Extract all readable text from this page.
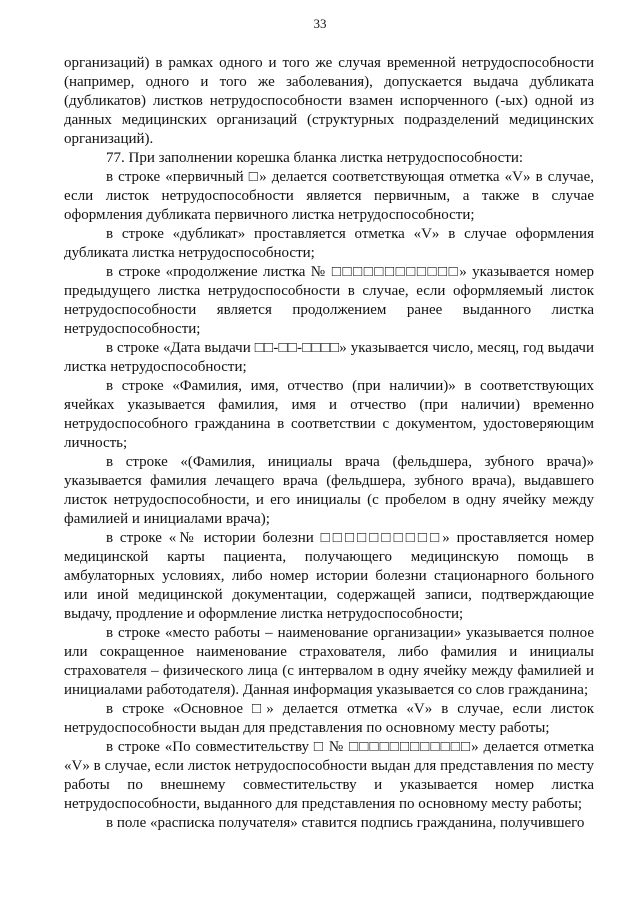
33

организаций) в рамках одного и того же случая временной нетрудоспособности (например, одного и того же заболевания), допускается выдача дубликата (дубликатов) листков нетрудоспособности взамен испорченного (-ых) одной из данных медицинских организаций (структурных подразделений медицинских организаций).

77. При заполнении корешка бланка листка нетрудоспособности:

в строке «первичный □» делается соответствующая отметка «V» в случае, если листок нетрудоспособности является первичным, а также в случае оформления дубликата первичного листка нетрудоспособности;

в строке «дубликат» проставляется отметка «V» в случае оформления дубликата листка нетрудоспособности;

в строке «продолжение листка № □□□□□□□□□□□□» указывается номер предыдущего листка нетрудоспособности в случае, если оформляемый листок нетрудоспособности является продолжением ранее выданного листка нетрудоспособности;

в строке «Дата выдачи □□-□□-□□□□» указывается число, месяц, год выдачи листка нетрудоспособности;

в строке «Фамилия, имя, отчество (при наличии)» в соответствующих ячейках указывается фамилия, имя и отчество (при наличии) временно нетрудоспособного гражданина в соответствии с документом, удостоверяющим личность;

в строке «(Фамилия, инициалы врача (фельдшера, зубного врача)» указывается фамилия лечащего врача (фельдшера, зубного врача), выдавшего листок нетрудоспособности, и его инициалы (с пробелом в одну ячейку между фамилией и инициалами врача);

в строке «№ истории болезни □□□□□□□□□□» проставляется номер медицинской карты пациента, получающего медицинскую помощь в амбулаторных условиях, либо номер истории болезни стационарного больного или иной медицинской документации, содержащей записи, подтверждающие выдачу, продление и оформление листка нетрудоспособности;

в строке «место работы – наименование организации» указывается полное или сокращенное наименование страхователя, либо фамилия и инициалы страхователя – физического лица (с интервалом в одну ячейку между фамилией и инициалами работодателя). Данная информация указывается со слов гражданина;

в строке «Основное □» делается отметка «V» в случае, если листок нетрудоспособности выдан для представления по основному месту работы;

в строке «По совместительству □ № □□□□□□□□□□□□» делается отметка «V» в случае, если листок нетрудоспособности выдан для представления по месту работы по внешнему совместительству и указывается номер листка нетрудоспособности, выданного для представления по основному месту работы;

в поле «расписка получателя» ставится подпись гражданина, получившего
